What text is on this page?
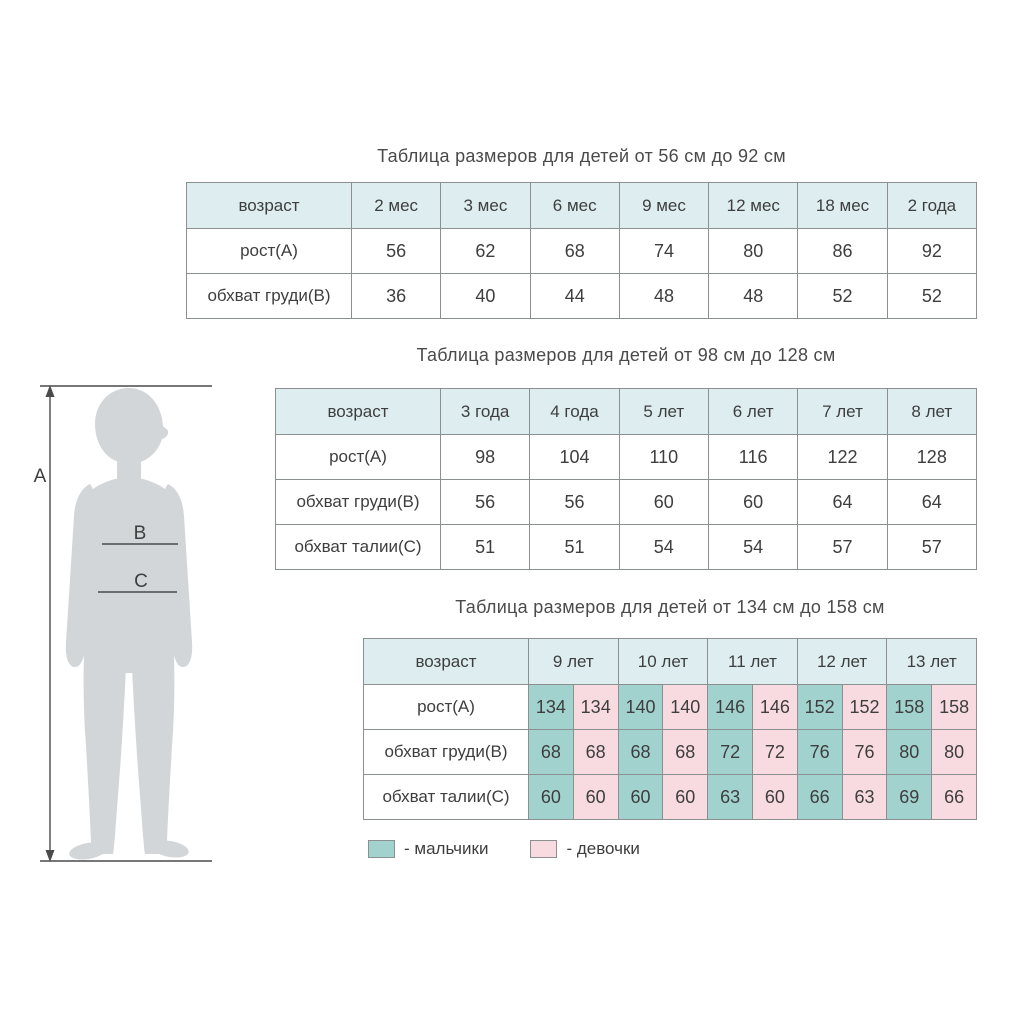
Таблица размеров для детей от 56 см до 92 см
возраст	2 мес	3 мес	6 мес	9 мес	12 мес	18 мес	2 года
рост(A)	56	62	68	74	80	86	92
обхват груди(B)	36	40	44	48	48	52	52
Таблица размеров для детей от 98 см до 128 см
возраст	3 года	4 года	5 лет	6 лет	7 лет	8 лет
рост(A)	98	104	110	116	122	128
обхват груди(B)	56	56	60	60	64	64
обхват талии(C)	51	51	54	54	57	57
Таблица размеров для детей от 134 см до 158 см
возраст	9 лет		10 лет		11 лет		12 лет		13 лет	
рост(A)	134	134	140	140	146	146	152	152	158	158
обхват груди(B)	68	68	68	68	72	72	76	76	80	80
обхват талии(C)	60	60	60	60	63	60	66	63	69	66
- мальчики	- девочки
A
B
C
